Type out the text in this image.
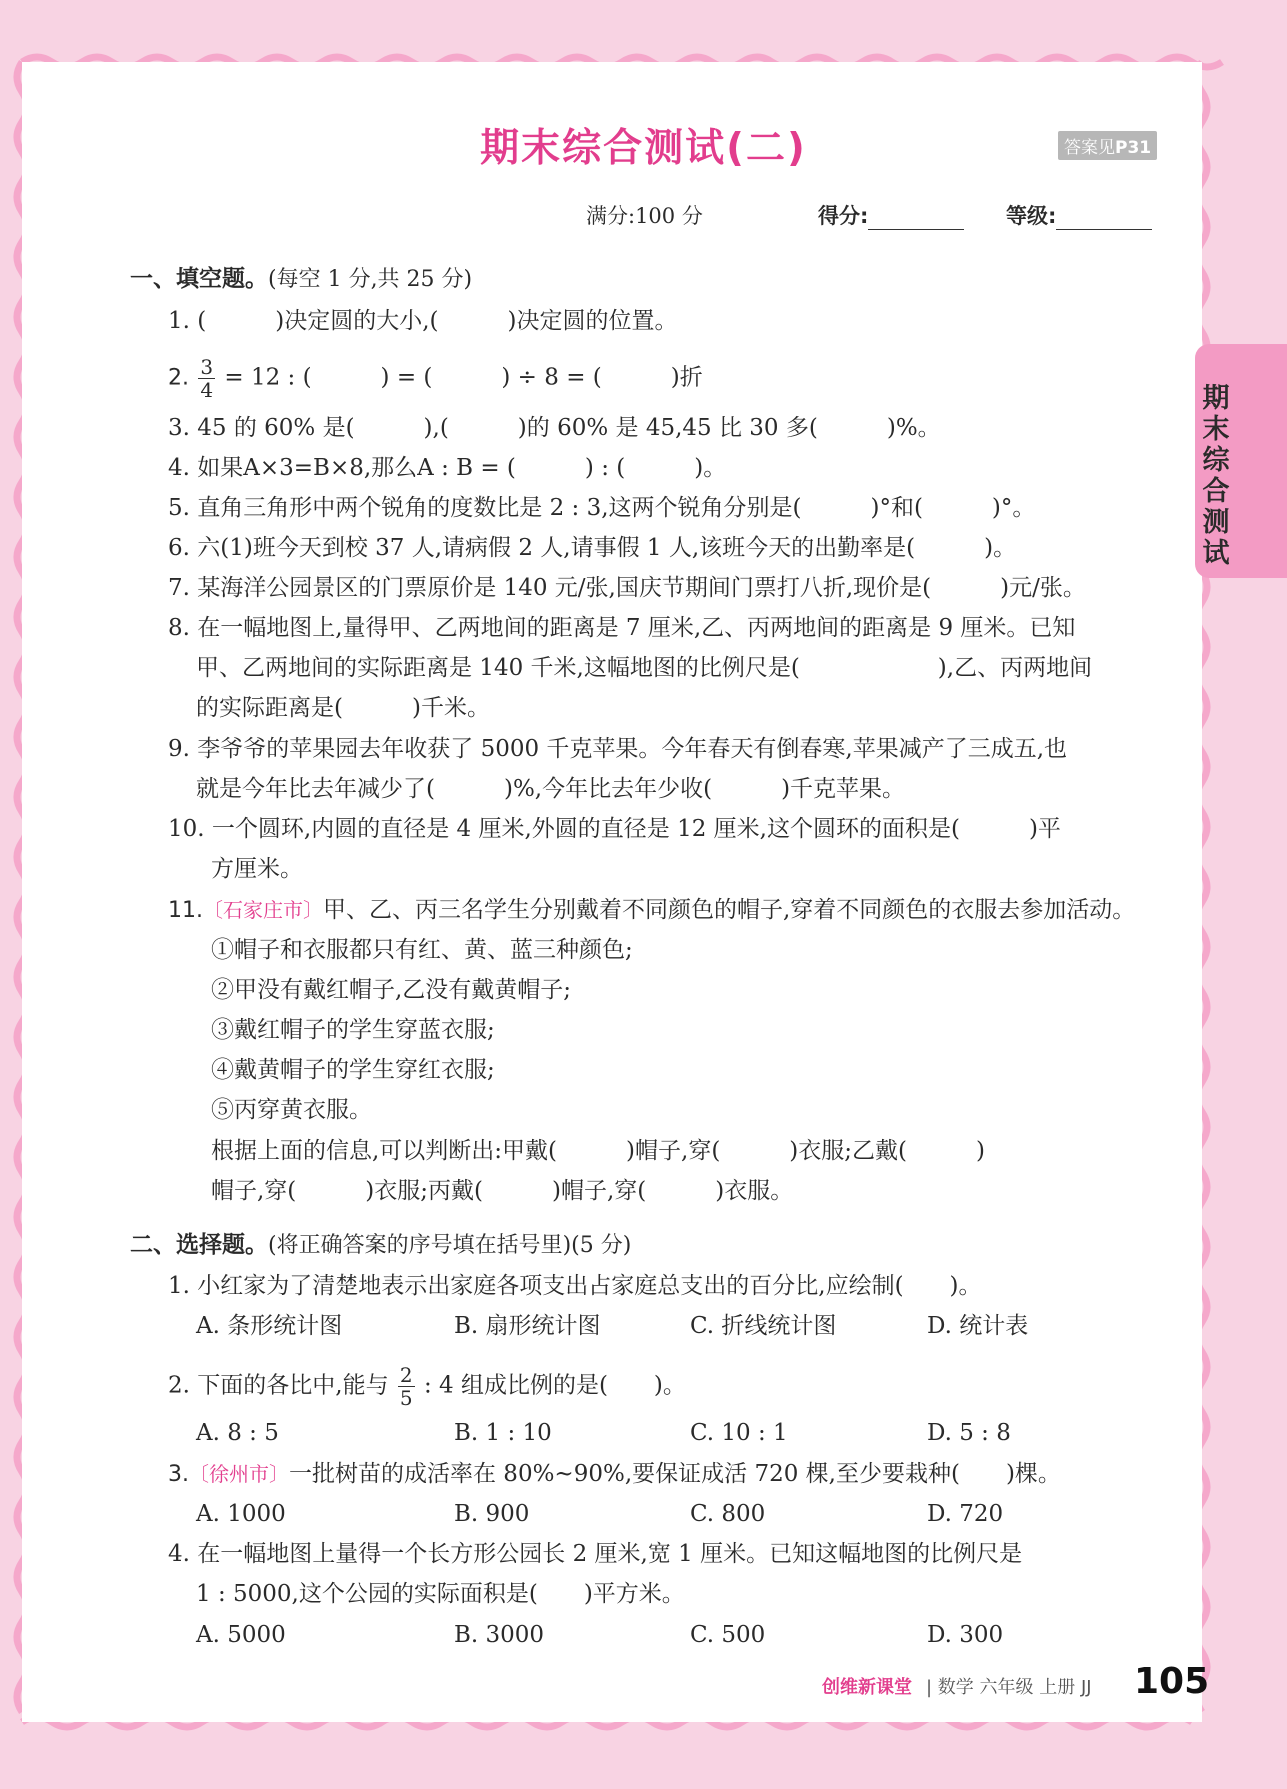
期末综合测试
期末综合测试(二)	答案见P31
满分:100 分	得分:	等级:
一、填空题。(每空 1 分,共 25 分)
1. (　　　)决定圆的大小,(　　　)决定圆的位置。
2. $\frac{3}{4} = 12$ : (　　　) = (　　　) ÷ 8 = (　　　)折
3. 45 的 60% 是(　　　),(　　　)的 60% 是 45,45 比 30 多(　　　)%。
4. 如果A×3=B×8,那么A : B = (　　　) : (　　　)。
5. 直角三角形中两个锐角的度数比是 2 : 3,这两个锐角分别是(　　　)°和(　　　)°。
6. 六(1)班今天到校 37 人,请病假 2 人,请事假 1 人,该班今天的出勤率是(　　　)。
7. 某海洋公园景区的门票原价是 140 元/张,国庆节期间门票打八折,现价是(　　　)元/张。
8. 在一幅地图上,量得甲、乙两地间的距离是 7 厘米,乙、丙两地间的距离是 9 厘米。已知
甲、乙两地间的实际距离是 140 千米,这幅地图的比例尺是(　　　　　　),乙、丙两地间
的实际距离是(　　　)千米。
9. 李爷爷的苹果园去年收获了 5000 千克苹果。今年春天有倒春寒,苹果减产了三成五,也
就是今年比去年减少了(　　　)%,今年比去年少收(　　　)千克苹果。
10. 一个圆环,内圆的直径是 4 厘米,外圆的直径是 12 厘米,这个圆环的面积是(　　　)平
方厘米。
11.〔石家庄市〕甲、乙、丙三名学生分别戴着不同颜色的帽子,穿着不同颜色的衣服去参加活动。
①帽子和衣服都只有红、黄、蓝三种颜色;
②甲没有戴红帽子,乙没有戴黄帽子;
③戴红帽子的学生穿蓝衣服;
④戴黄帽子的学生穿红衣服;
⑤丙穿黄衣服。
根据上面的信息,可以判断出:甲戴(　　　)帽子,穿(　　　)衣服;乙戴(　　　)
帽子,穿(　　　)衣服;丙戴(　　　)帽子,穿(　　　)衣服。
二、选择题。(将正确答案的序号填在括号里)(5 分)
1. 小红家为了清楚地表示出家庭各项支出占家庭总支出的百分比,应绘制(　　)。
A. 条形统计图	B. 扇形统计图	C. 折线统计图	D. 统计表
2. 下面的各比中,能与 $\frac{2}{5}$ : 4 组成比例的是(　　)。
A. 8 : 5	B. 1 : 10	C. 10 : 1	D. 5 : 8
3.〔徐州市〕一批树苗的成活率在 80%~90%,要保证成活 720 棵,至少要栽种(　　)棵。
A. 1000	B. 900	C. 800	D. 720
4. 在一幅地图上量得一个长方形公园长 2 厘米,宽 1 厘米。已知这幅地图的比例尺是
1 : 5000,这个公园的实际面积是(　　)平方米。
A. 5000	B. 3000	C. 500	D. 300
创维新课堂 | 数学 六年级 上册 JJ 105
